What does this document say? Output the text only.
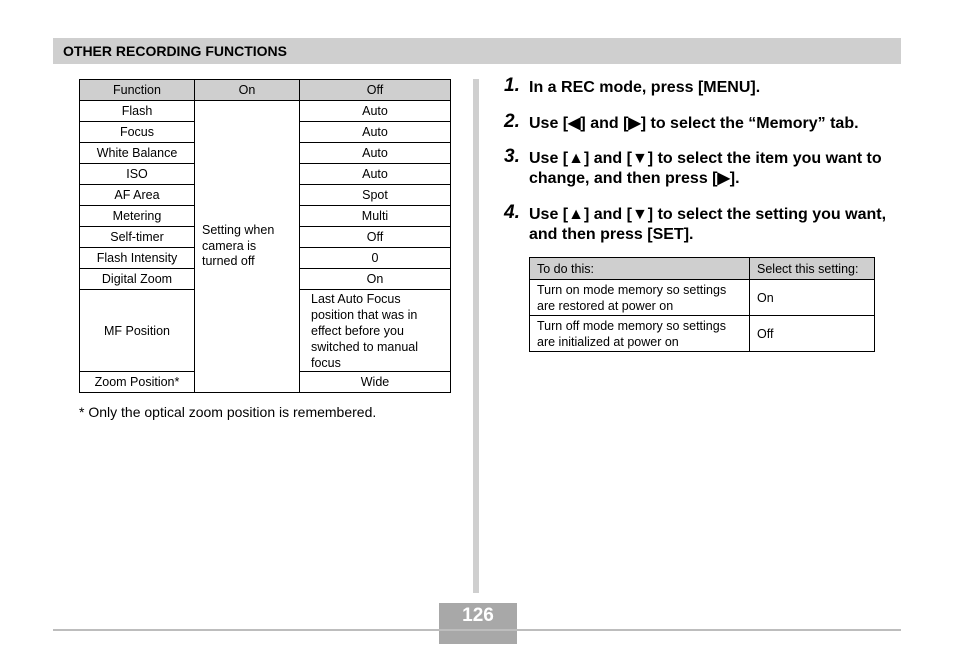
OTHER RECORDING FUNCTIONS
Function	On	Off
Flash	Setting when camera is turned off	Auto
Focus		Auto
White Balance		Auto
ISO		Auto
AF Area		Spot
Metering		Multi
Self-timer		Off
Flash Intensity		0
Digital Zoom		On
MF Position		Last Auto Focus position that was in effect before you switched to manual focus
Zoom Position*		Wide
* Only the optical zoom position is remembered.
1. In a REC mode, press [MENU].
2. Use [◀] and [▶] to select the “Memory” tab.
3. Use [▲] and [▼] to select the item you want to change, and then press [▶].
4. Use [▲] and [▼] to select the setting you want, and then press [SET].
To do this:	Select this setting:
Turn on mode memory so settings are restored at power on	On
Turn off mode memory so settings are initialized at power on	Off
126
